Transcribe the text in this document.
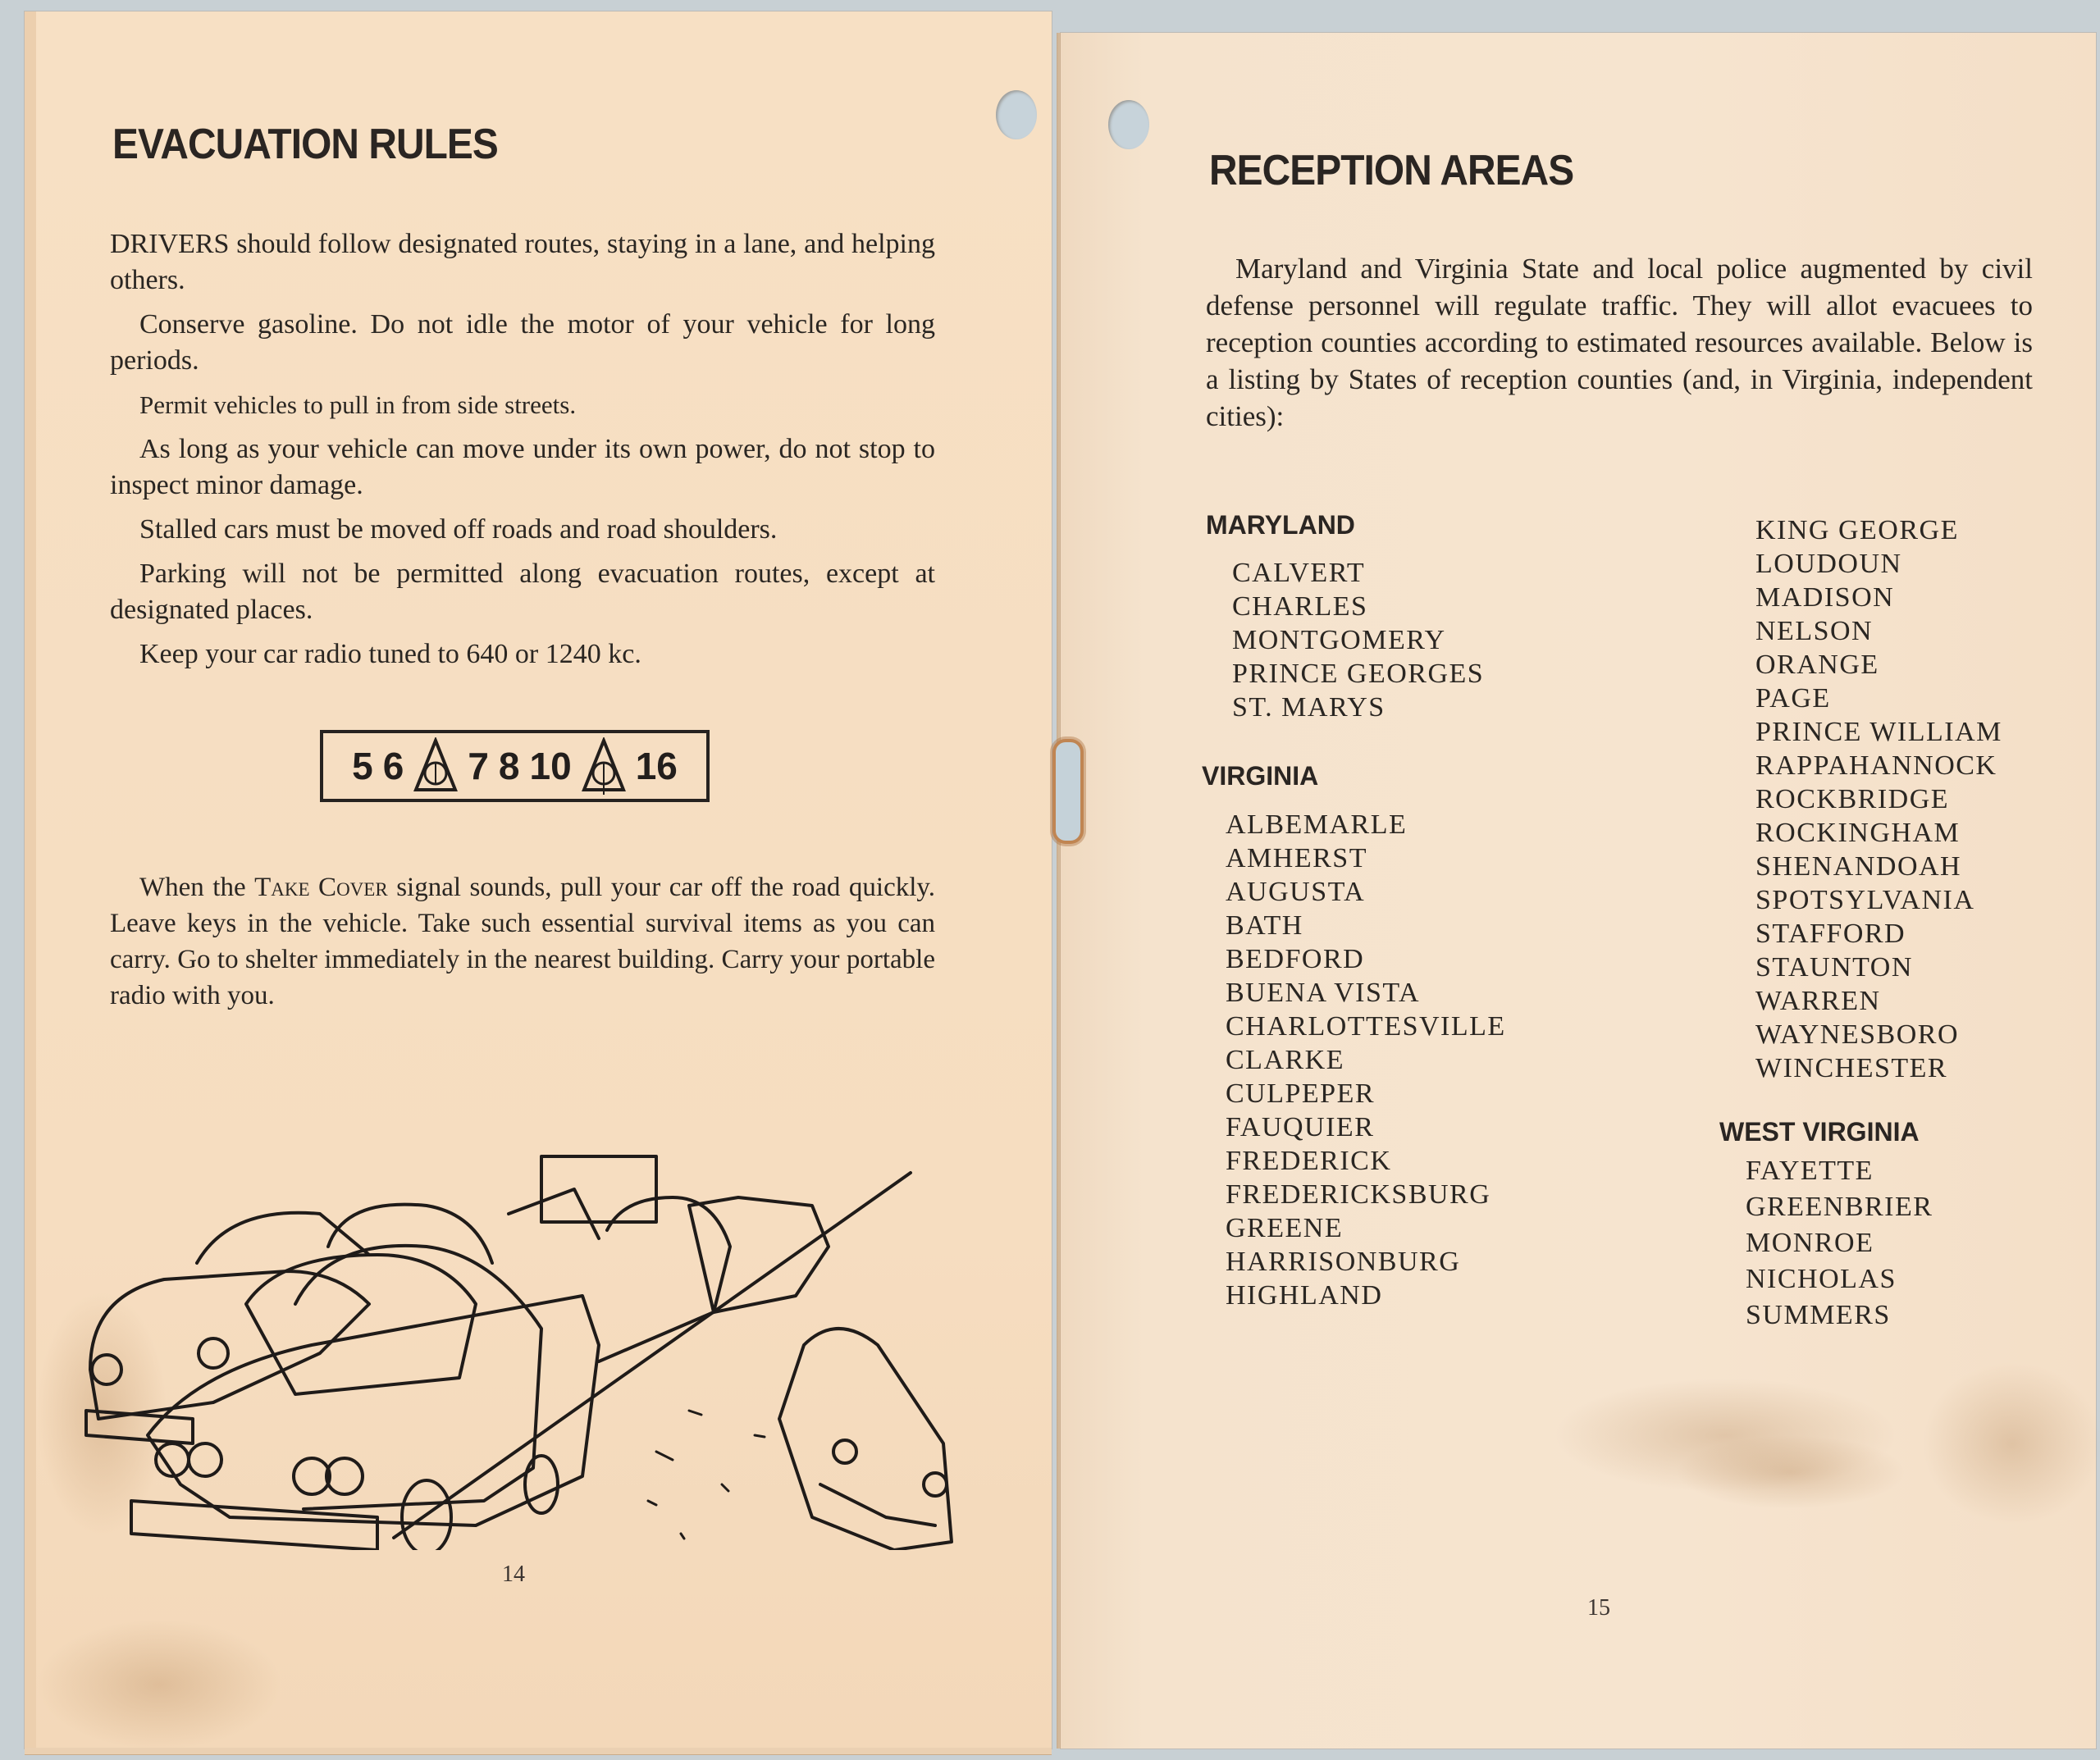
EVACUATION RULES

DRIVERS should follow designated routes, staying in a lane, and helping others.

Conserve gasoline. Do not idle the motor of your vehicle for long periods.

Permit vehicles to pull in from side streets.

As long as your vehicle can move under its own power, do not stop to inspect minor damage.

Stalled cars must be moved off roads and road shoulders.

Parking will not be permitted along evacuation routes, except at designated places.

Keep your car radio tuned to 640 or 1240 kc.

5 6 7 8 10 16

When the Take Cover signal sounds, pull your car off the road quickly. Leave keys in the vehicle. Take such essential survival items as you can carry. Go to shelter immediately in the nearest building. Carry your portable radio with you.

14
RECEPTION AREAS

Maryland and Virginia State and local police augmented by civil defense personnel will regulate traffic. They will allot evacuees to reception counties according to estimated resources available. Below is a listing by States of reception counties (and, in Virginia, independent cities):

MARYLAND
CALVERT
CHARLES
MONTGOMERY
PRINCE GEORGES
ST. MARYS
VIRGINIA
ALBEMARLE
AMHERST
AUGUSTA
BATH
BEDFORD
BUENA VISTA
CHARLOTTESVILLE
CLARKE
CULPEPER
FAUQUIER
FREDERICK
FREDERICKSBURG
GREENE
HARRISONBURG
HIGHLAND
KING GEORGE
LOUDOUN
MADISON
NELSON
ORANGE
PAGE
PRINCE WILLIAM
RAPPAHANNOCK
ROCKBRIDGE
ROCKINGHAM
SHENANDOAH
SPOTSYLVANIA
STAFFORD
STAUNTON
WARREN
WAYNESBORO
WINCHESTER
WEST VIRGINIA
FAYETTE
GREENBRIER
MONROE
NICHOLAS
SUMMERS
15
